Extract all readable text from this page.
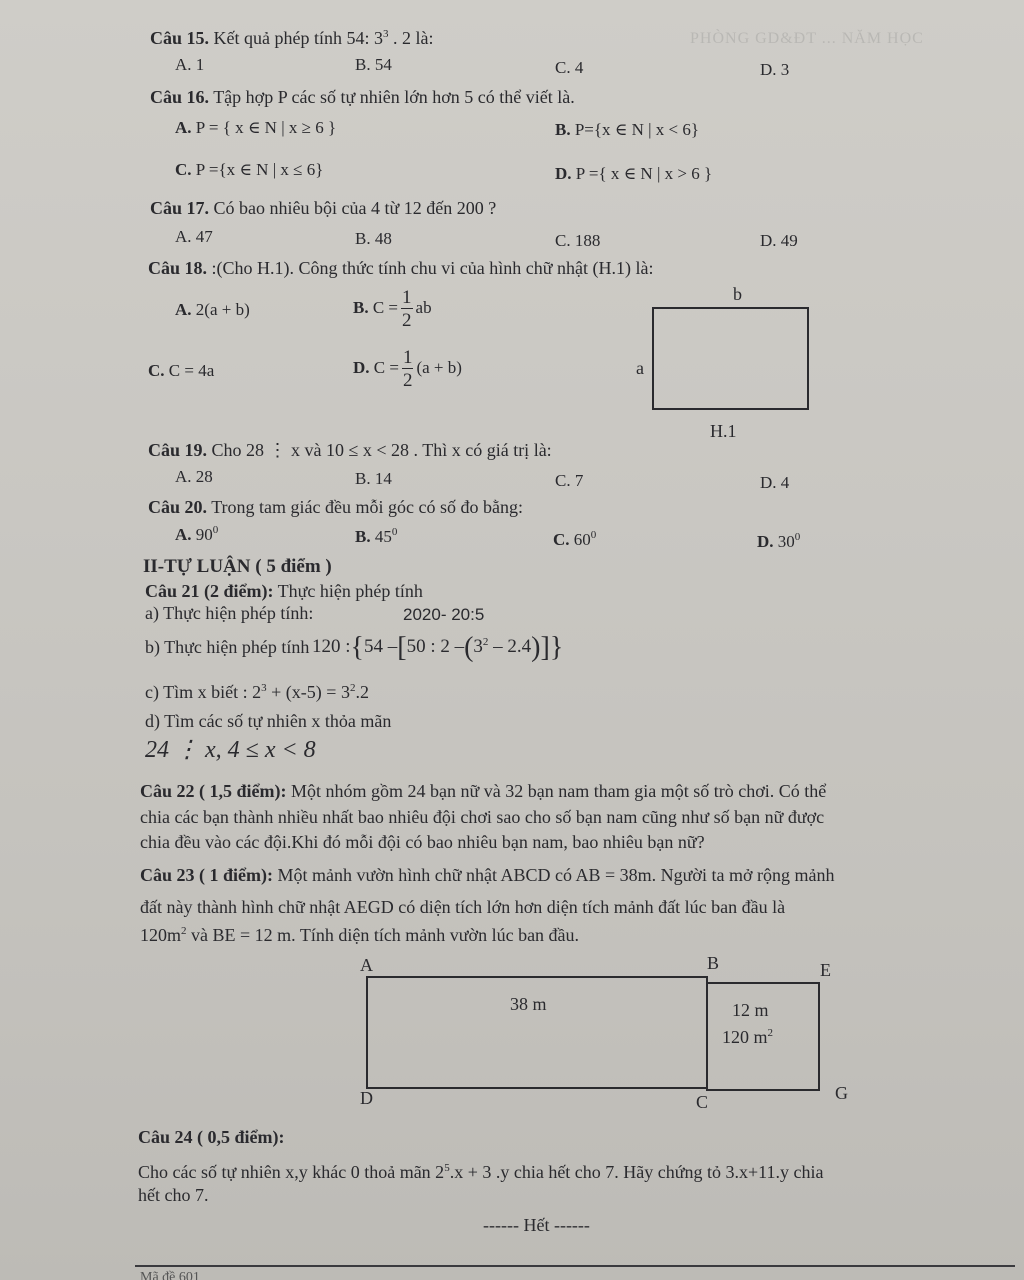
PHÒNG GD&ĐT ... NĂM HỌC
Câu 15. Kết quả phép tính 54: $3^3$ . 2 là:
A. 1	B. 54	C. 4	D. 3
Câu 16. Tập hợp P các số tự nhiên lớn hơn 5 có thể viết là.
A. P = { x ∈ N | x ≥ 6 }	B. P={x ∈ N | x < 6}
C. P ={x ∈ N | x ≤ 6}	D. P ={ x ∈ N | x > 6 }
Câu 17. Có bao nhiêu bội của 4 từ 12 đến 200 ?
A. 47	B. 48	C. 188	D. 49
Câu 18. :(Cho H.1). Công thức tính chu vi của hình chữ nhật (H.1) là:
A. 2(a + b)	B. $C = \frac{1}{2}$ ab
C. C = 4a	D. $C = \frac{1}{2} (a + b)$
b
a
H.1
Câu 19. Cho 28 ⋮ x và 10 ≤ x < 28 . Thì x có giá trị là:
A. 28	B. 14	C. 7	D. 4
Câu 20. Trong tam giác đều mỗi góc có số đo bằng:
A. $90^0$	B. $45^0$	C. $60^0$	D. $30^0$
II-TỰ LUẬN ( 5 điểm )
Câu 21 (2 điểm): Thực hiện phép tính
a) Thực hiện phép tính:	2020- 20:5
b) Thực hiện phép tính 120 :{54 –[50 : 2 $-(3^2 - 2.4)$]}
c) Tìm x biết : $2^3 + (x-5) = 3^2.2$
d) Tìm các số tự nhiên x thỏa mãn
24 ⋮ x, 4 ≤ x < 8
Câu 22 ( 1,5 điểm): Một nhóm gồm 24 bạn nữ và 32 bạn nam tham gia một số trò chơi. Có thể
chia các bạn thành nhiều nhất bao nhiêu đội chơi sao cho số bạn nam cũng như số bạn nữ được
chia đều vào các đội.Khi đó mỗi đội có bao nhiêu bạn nam, bao nhiêu bạn nữ?
Câu 23 ( 1 điểm): Một mảnh vườn hình chữ nhật ABCD có AB = 38m. Người ta mở rộng mảnh
đất này thành hình chữ nhật AEGD có diện tích lớn hơn diện tích mảnh đất lúc ban đầu là
$120m^2$ và BE = 12 m. Tính diện tích mảnh vườn lúc ban đầu.
A	B	E
38 m	12 m
120 $m^2$
D	C	G
Câu 24 ( 0,5 điểm):
Cho các số tự nhiên x,y khác 0 thoả mãn $2^5.x + 3$ .y chia hết cho 7. Hãy chứng tỏ 3.x+11.y chia
hết cho 7.
------ Hết ------
Mã đề 601
